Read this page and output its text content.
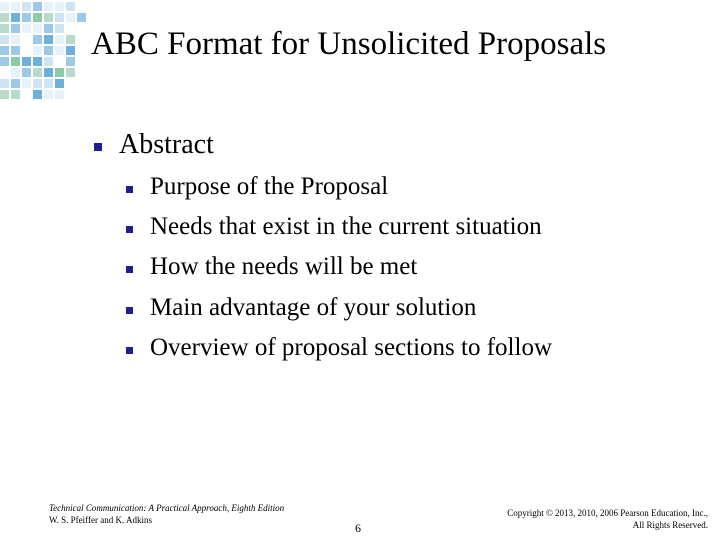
ABC Format for Unsolicited Proposals
Abstract
Purpose of the Proposal
Needs that exist in the current situation
How the needs will be met
Main advantage of your solution
Overview of proposal sections to follow
Technical Communication: A Practical Approach, Eighth Edition
W. S. Pfeiffer and K. Adkins
6
Copyright © 2013, 2010, 2006 Pearson Education, Inc.,
All Rights Reserved.
